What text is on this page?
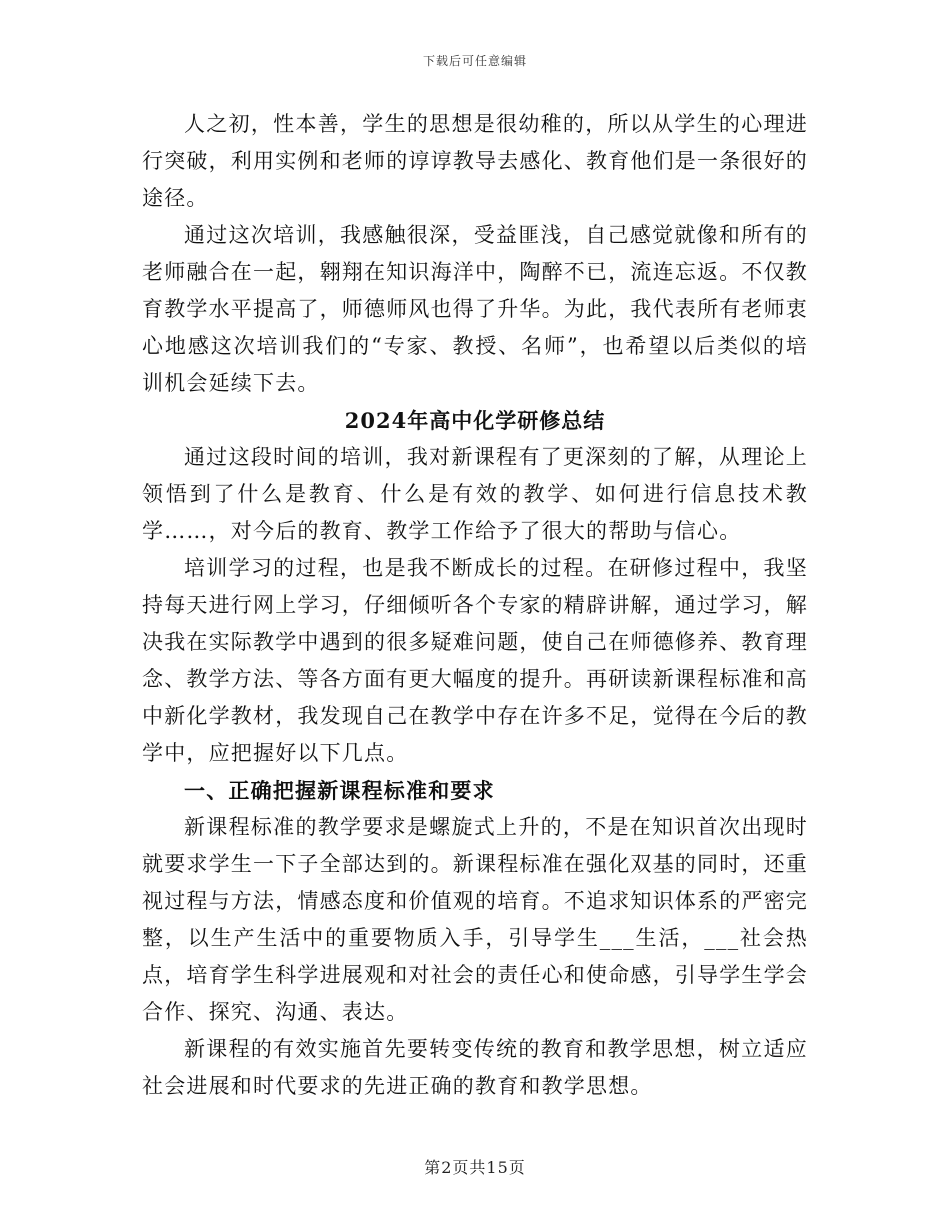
下载后可任意编辑

人之初，性本善，学生的思想是很幼稚的，所以从学生的心理进行突破，利用实例和老师的谆谆教导去感化、教育他们是一条很好的途径。

通过这次培训，我感触很深，受益匪浅，自己感觉就像和所有的老师融合在一起，翱翔在知识海洋中，陶醉不已，流连忘返。不仅教育教学水平提高了，师德师风也得了升华。为此，我代表所有老师衷心地感这次培训我们的“专家、教授、名师”，也希望以后类似的培训机会延续下去。

2024年高中化学研修总结

通过这段时间的培训，我对新课程有了更深刻的了解，从理论上领悟到了什么是教育、什么是有效的教学、如何进行信息技术教学……，对今后的教育、教学工作给予了很大的帮助与信心。

培训学习的过程，也是我不断成长的过程。在研修过程中，我坚持每天进行网上学习，仔细倾听各个专家的精辟讲解，通过学习，解决我在实际教学中遇到的很多疑难问题，使自己在师德修养、教育理念、教学方法、等各方面有更大幅度的提升。再研读新课程标准和高中新化学教材，我发现自己在教学中存在许多不足，觉得在今后的教学中，应把握好以下几点。

一、正确把握新课程标准和要求

新课程标准的教学要求是螺旋式上升的，不是在知识首次出现时就要求学生一下子全部达到的。新课程标准在强化双基的同时，还重视过程与方法，情感态度和价值观的培育。不追求知识体系的严密完整，以生产生活中的重要物质入手，引导学生___生活，___社会热点，培育学生科学进展观和对社会的责任心和使命感，引导学生学会合作、探究、沟通、表达。

新课程的有效实施首先要转变传统的教育和教学思想，树立适应社会进展和时代要求的先进正确的教育和教学思想。

第2页共15页
